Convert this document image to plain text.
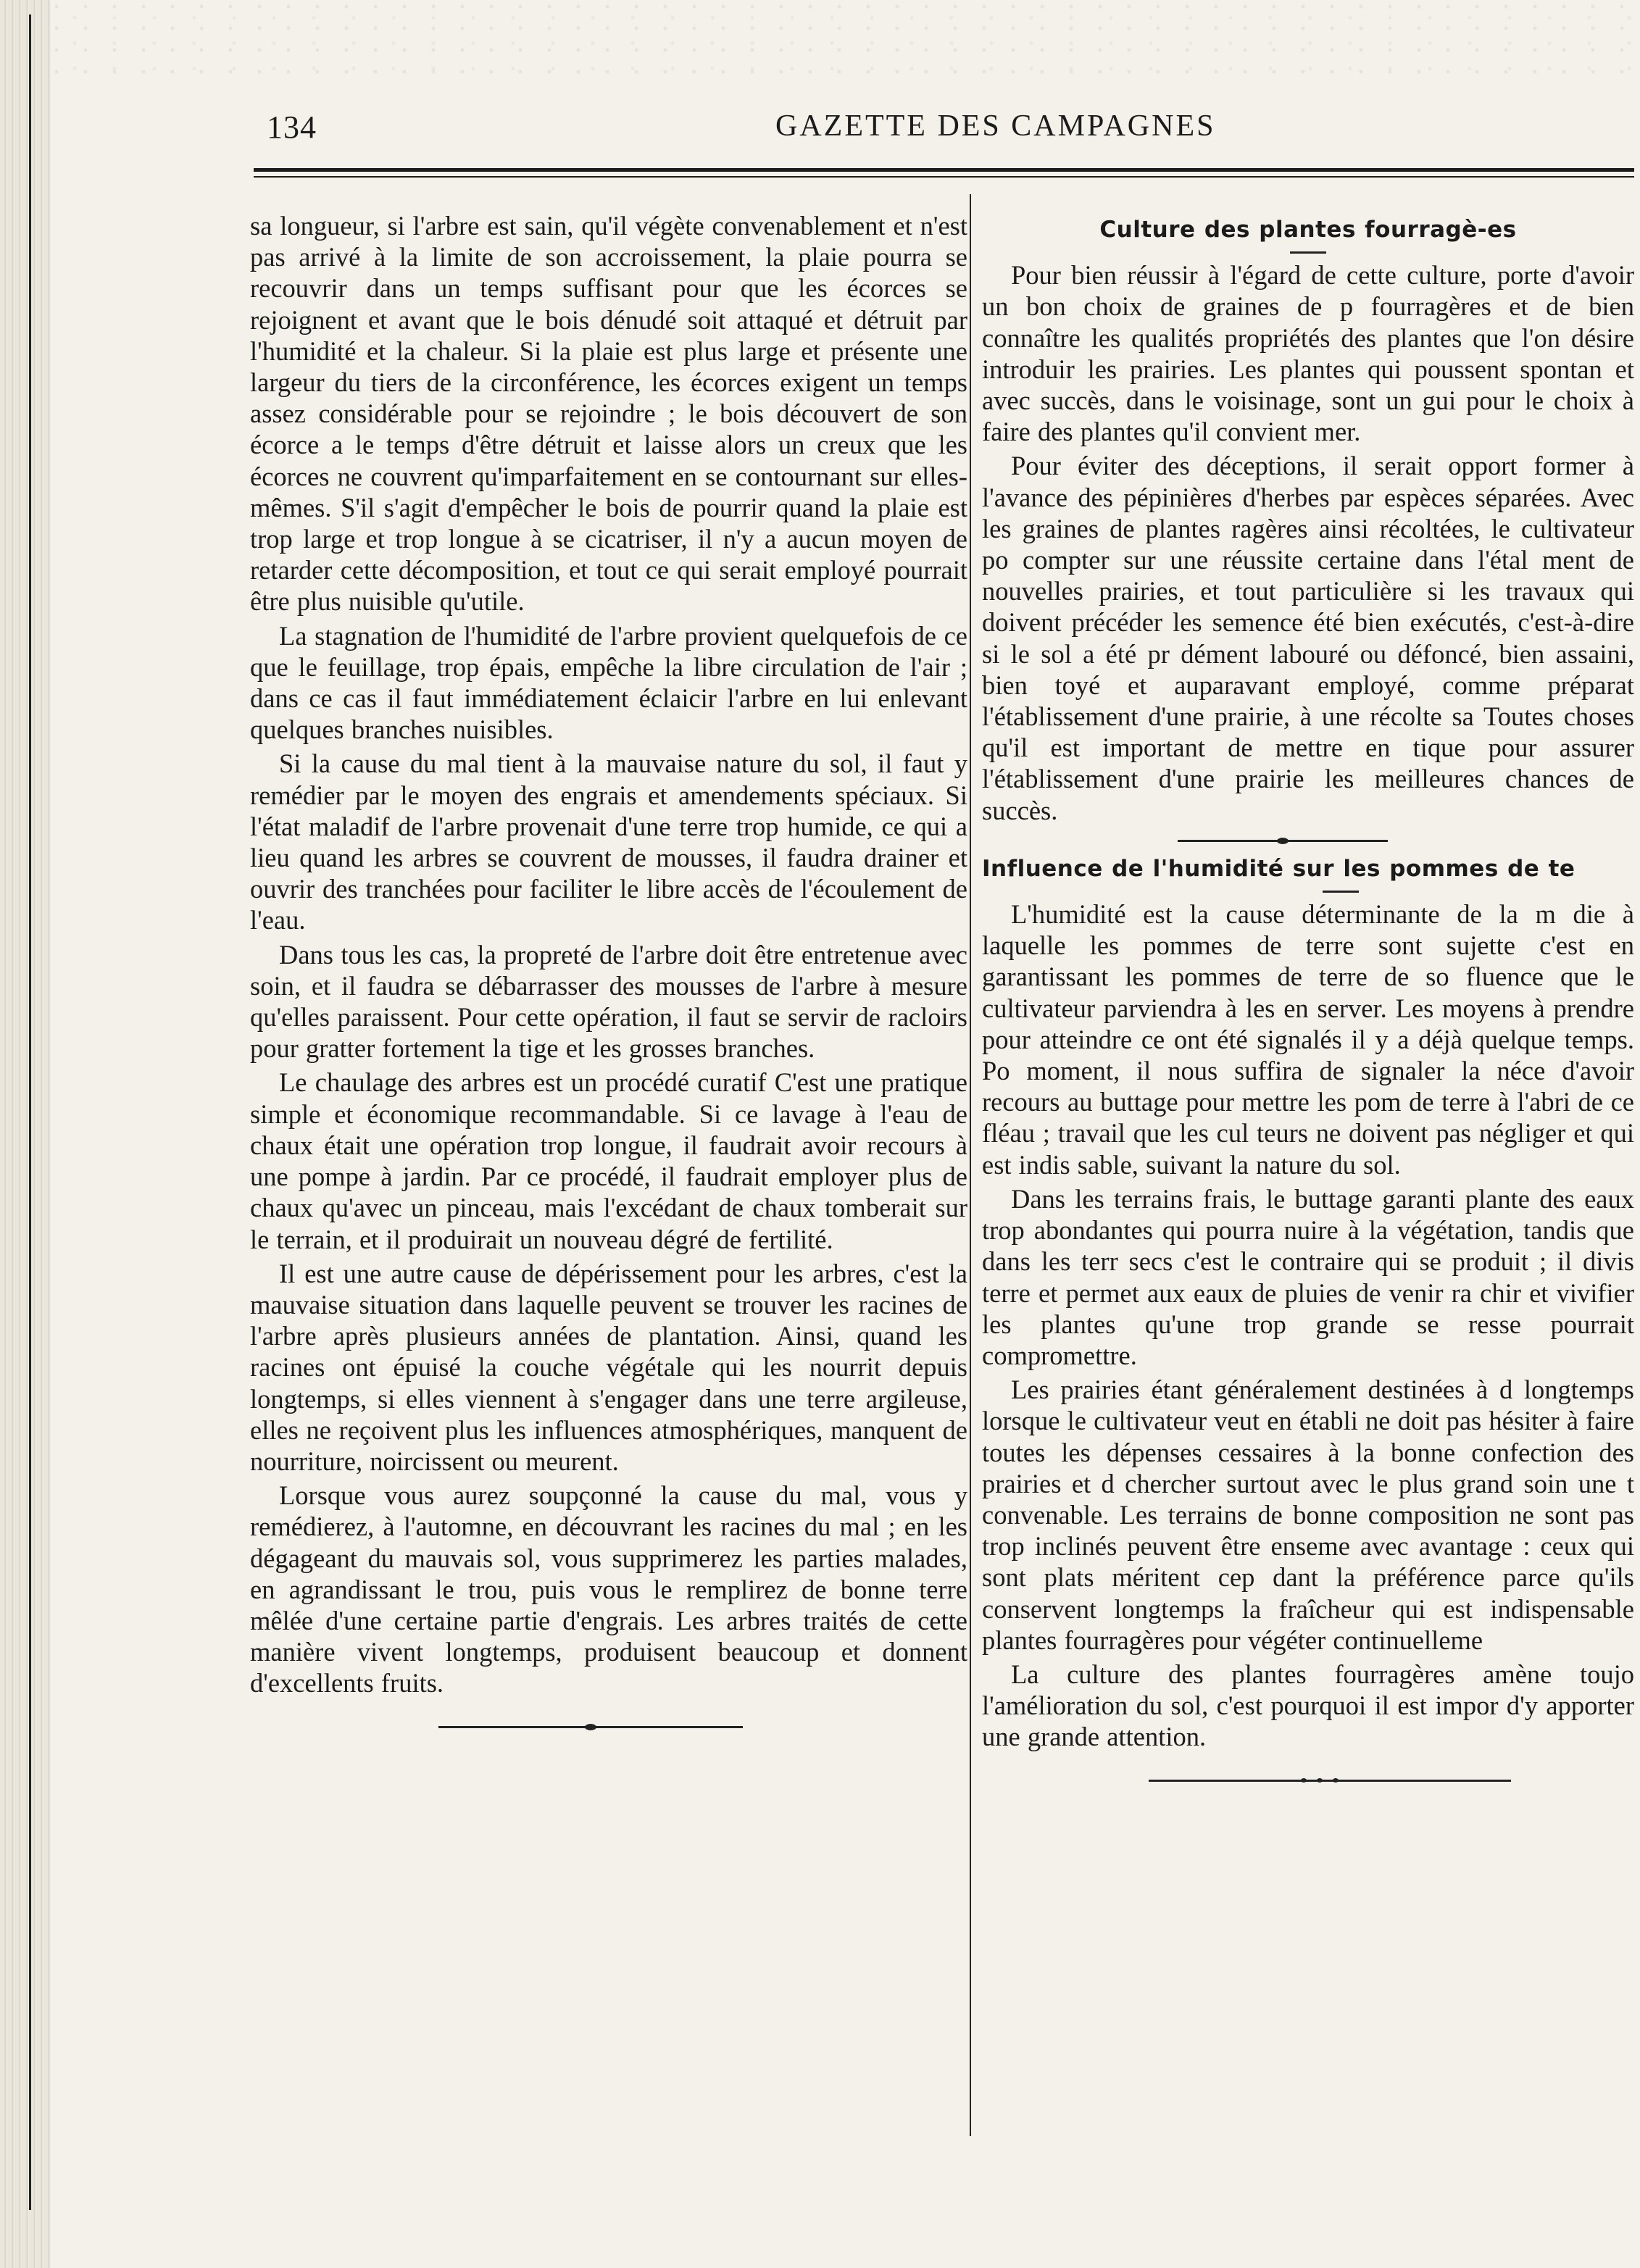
134	GAZETTE DES CAMPAGNES

sa longueur, si l'arbre est sain, qu'il végète convenablement et n'est pas arrivé à la limite de son accroissement, la plaie pourra se recouvrir dans un temps suffisant pour que les écorces se rejoignent et avant que le bois dénudé soit attaqué et détruit par l'humidité et la chaleur. Si la plaie est plus large et présente une largeur du tiers de la circonférence, les écorces exigent un temps assez considérable pour se rejoindre ; le bois découvert de son écorce a le temps d'être détruit et laisse alors un creux que les écorces ne couvrent qu'imparfaitement en se contournant sur elles-mêmes. S'il s'agit d'empêcher le bois de pourrir quand la plaie est trop large et trop longue à se cicatriser, il n'y a aucun moyen de retarder cette décomposition, et tout ce qui serait employé pourrait être plus nuisible qu'utile.

La stagnation de l'humidité de l'arbre provient quelquefois de ce que le feuillage, trop épais, empêche la libre circulation de l'air ; dans ce cas il faut immédiatement éclaicir l'arbre en lui enlevant quelques branches nuisibles.

Si la cause du mal tient à la mauvaise nature du sol, il faut y remédier par le moyen des engrais et amendements spéciaux. Si l'état maladif de l'arbre provenait d'une terre trop humide, ce qui a lieu quand les arbres se couvrent de mousses, il faudra drainer et ouvrir des tranchées pour faciliter le libre accès de l'écoulement de l'eau.

Dans tous les cas, la propreté de l'arbre doit être entretenue avec soin, et il faudra se débarrasser des mousses de l'arbre à mesure qu'elles paraissent. Pour cette opération, il faut se servir de racloirs pour gratter fortement la tige et les grosses branches.

Le chaulage des arbres est un procédé curatif C'est une pratique simple et économique recommandable. Si ce lavage à l'eau de chaux était une opération trop longue, il faudrait avoir recours à une pompe à jardin. Par ce procédé, il faudrait employer plus de chaux qu'avec un pinceau, mais l'excédant de chaux tomberait sur le terrain, et il produirait un nouveau dégré de fertilité.

Il est une autre cause de dépérissement pour les arbres, c'est la mauvaise situation dans laquelle peuvent se trouver les racines de l'arbre après plusieurs années de plantation. Ainsi, quand les racines ont épuisé la couche végétale qui les nourrit depuis longtemps, si elles viennent à s'engager dans une terre argileuse, elles ne reçoivent plus les influences atmosphériques, manquent de nourriture, noircissent ou meurent.

Lorsque vous aurez soupçonné la cause du mal, vous y remédierez, à l'automne, en découvrant les racines du mal ; en les dégageant du mauvais sol, vous supprimerez les parties malades, en agrandissant le trou, puis vous le remplirez de bonne terre mêlée d'une certaine partie d'engrais. Les arbres traités de cette manière vivent longtemps, produisent beaucoup et donnent d'excellents fruits.

Culture des plantes fourragè-es

Pour bien réussir à l'égard de cette culture, porte d'avoir un bon choix de graines de p fourragères et de bien connaître les qualités propriétés des plantes que l'on désire introduir les prairies. Les plantes qui poussent spontan et avec succès, dans le voisinage, sont un gui pour le choix à faire des plantes qu'il convient mer.

Pour éviter des déceptions, il serait opport former à l'avance des pépinières d'herbes par espèces séparées. Avec les graines de plantes ragères ainsi récoltées, le cultivateur po compter sur une réussite certaine dans l'étal ment de nouvelles prairies, et tout particulière si les travaux qui doivent précéder les semence été bien exécutés, c'est-à-dire si le sol a été pr dément labouré ou défoncé, bien assaini, bien toyé et auparavant employé, comme préparat l'établissement d'une prairie, à une récolte sa Toutes choses qu'il est important de mettre en tique pour assurer l'établissement d'une prairie les meilleures chances de succès.

Influence de l'humidité sur les pommes de te

L'humidité est la cause déterminante de la m die à laquelle les pommes de terre sont sujette c'est en garantissant les pommes de terre de so fluence que le cultivateur parviendra à les en server. Les moyens à prendre pour atteindre ce ont été signalés il y a déjà quelque temps. Po moment, il nous suffira de signaler la néce d'avoir recours au buttage pour mettre les pom de terre à l'abri de ce fléau ; travail que les cul teurs ne doivent pas négliger et qui est indis sable, suivant la nature du sol.

Dans les terrains frais, le buttage garanti plante des eaux trop abondantes qui pourra nuire à la végétation, tandis que dans les terr secs c'est le contraire qui se produit ; il divis terre et permet aux eaux de pluies de venir ra chir et vivifier les plantes qu'une trop grande se resse pourrait compromettre.

Les prairies étant généralement destinées à d longtemps lorsque le cultivateur veut en établi ne doit pas hésiter à faire toutes les dépenses cessaires à la bonne confection des prairies et d chercher surtout avec le plus grand soin une t convenable. Les terrains de bonne composition ne sont pas trop inclinés peuvent être enseme avec avantage : ceux qui sont plats méritent cep dant la préférence parce qu'ils conservent longtemps la fraîcheur qui est indispensable plantes fourragères pour végéter continuelleme

La culture des plantes fourragères amène toujo l'amélioration du sol, c'est pourquoi il est impor d'y apporter une grande attention.
